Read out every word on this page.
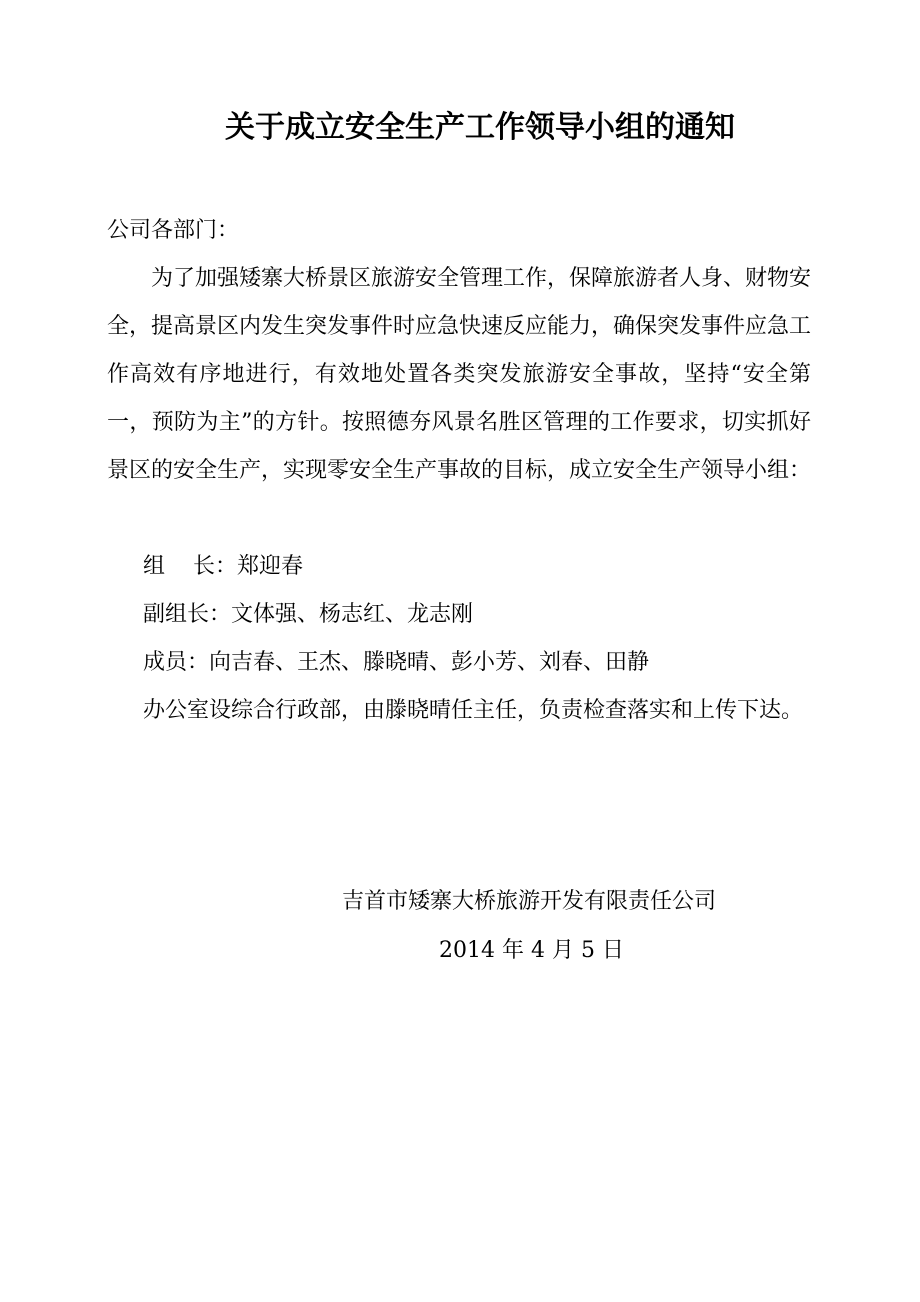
关于成立安全生产工作领导小组的通知
公司各部门：
为了加强矮寨大桥景区旅游安全管理工作，保障旅游者人身、财物安全，提高景区内发生突发事件时应急快速反应能力，确保突发事件应急工作高效有序地进行，有效地处置各类突发旅游安全事故，坚持“安全第一，预防为主”的方针。按照德夯风景名胜区管理的工作要求，切实抓好景区的安全生产，实现零安全生产事故的目标，成立安全生产领导小组：
组 长：郑迎春
副组长：文体强、杨志红、龙志刚
成员：向吉春、王杰、滕晓晴、彭小芳、刘春、田静
办公室设综合行政部，由滕晓晴任主任，负责检查落实和上传下达。
吉首市矮寨大桥旅游开发有限责任公司
2014 年 4 月 5 日
